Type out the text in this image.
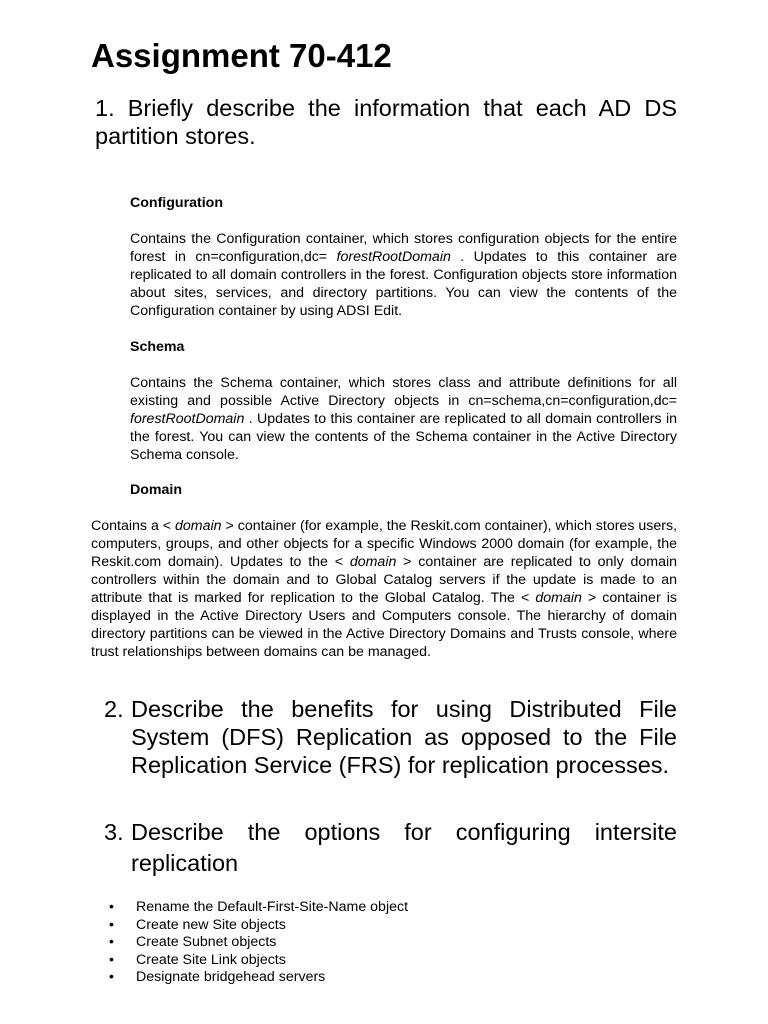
Assignment 70-412

1. Briefly describe the information that each AD DS partition stores.

Configuration

Contains the Configuration container, which stores configuration objects for the entire forest in cn=configuration,dc= forestRootDomain . Updates to this container are replicated to all domain controllers in the forest. Configuration objects store information about sites, services, and directory partitions. You can view the contents of the Configuration container by using ADSI Edit.

Schema

Contains the Schema container, which stores class and attribute definitions for all existing and possible Active Directory objects in cn=schema,cn=configuration,dc= forestRootDomain . Updates to this container are replicated to all domain controllers in the forest. You can view the contents of the Schema container in the Active Directory Schema console.

Domain

Contains a < domain > container (for example, the Reskit.com container), which stores users, computers, groups, and other objects for a specific Windows 2000 domain (for example, the Reskit.com domain). Updates to the < domain > container are replicated to only domain controllers within the domain and to Global Catalog servers if the update is made to an attribute that is marked for replication to the Global Catalog. The < domain > container is displayed in the Active Directory Users and Computers console. The hierarchy of domain directory partitions can be viewed in the Active Directory Domains and Trusts console, where trust relationships between domains can be managed.

2. Describe the benefits for using Distributed File System (DFS) Replication as opposed to the File Replication Service (FRS) for replication processes.
3. Describe the options for configuring intersite
replication
•	Rename the Default-First-Site-Name object
•	Create new Site objects
•	Create Subnet objects
•	Create Site Link objects
•	Designate bridgehead servers
